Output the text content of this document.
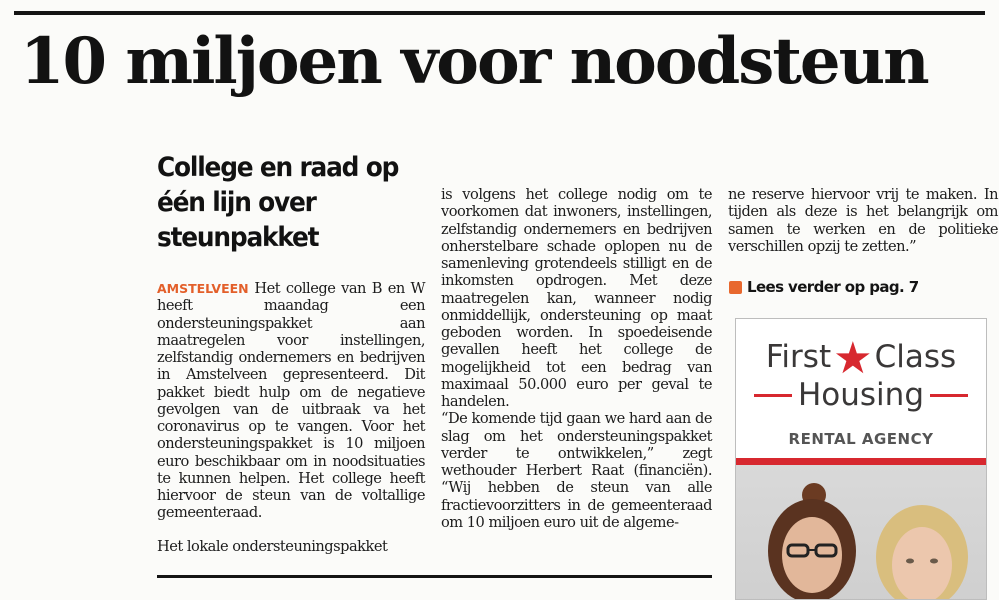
10 miljoen voor noodsteun
College en raad op één lijn over steunpakket

AMSTELVEEN Het college van B en W heeft maandag een ondersteuningspakket aan maatregelen voor instellingen, zelfstandig ondernemers en bedrijven in Amstelveen gepresenteerd. Dit pakket biedt hulp om de negatieve gevolgen van de uitbraak va het coronavirus op te vangen. Voor het ondersteuningspakket is 10 miljoen euro beschikbaar om in noodsituaties te kunnen helpen. Het college heeft hiervoor de steun van de voltallige gemeenteraad.

Het lokale ondersteuningspakket

is volgens het college nodig om te voorkomen dat inwoners, instellingen, zelfstandig ondernemers en bedrijven onherstelbare schade oplopen nu de samenleving grotendeels stilligt en de inkomsten opdrogen. Met deze maatregelen kan, wanneer nodig onmiddellijk, ondersteuning op maat geboden worden. In spoedeisende gevallen heeft het college de mogelijkheid tot een bedrag van maximaal 50.000 euro per geval te handelen.

“De komende tijd gaan we hard aan de slag om het ondersteuningspakket verder te ontwikkelen,” zegt wethouder Herbert Raat (financiën). “Wij hebben de steun van alle fractievoorzitters in de gemeenteraad om 10 miljoen euro uit de algeme-

ne reserve hiervoor vrij te maken. In tijden als deze is het belangrijk om samen te werken en de politieke verschillen opzij te zetten.”

Lees verder op pag. 7
First★Class
Housing
RENTAL AGENCY
